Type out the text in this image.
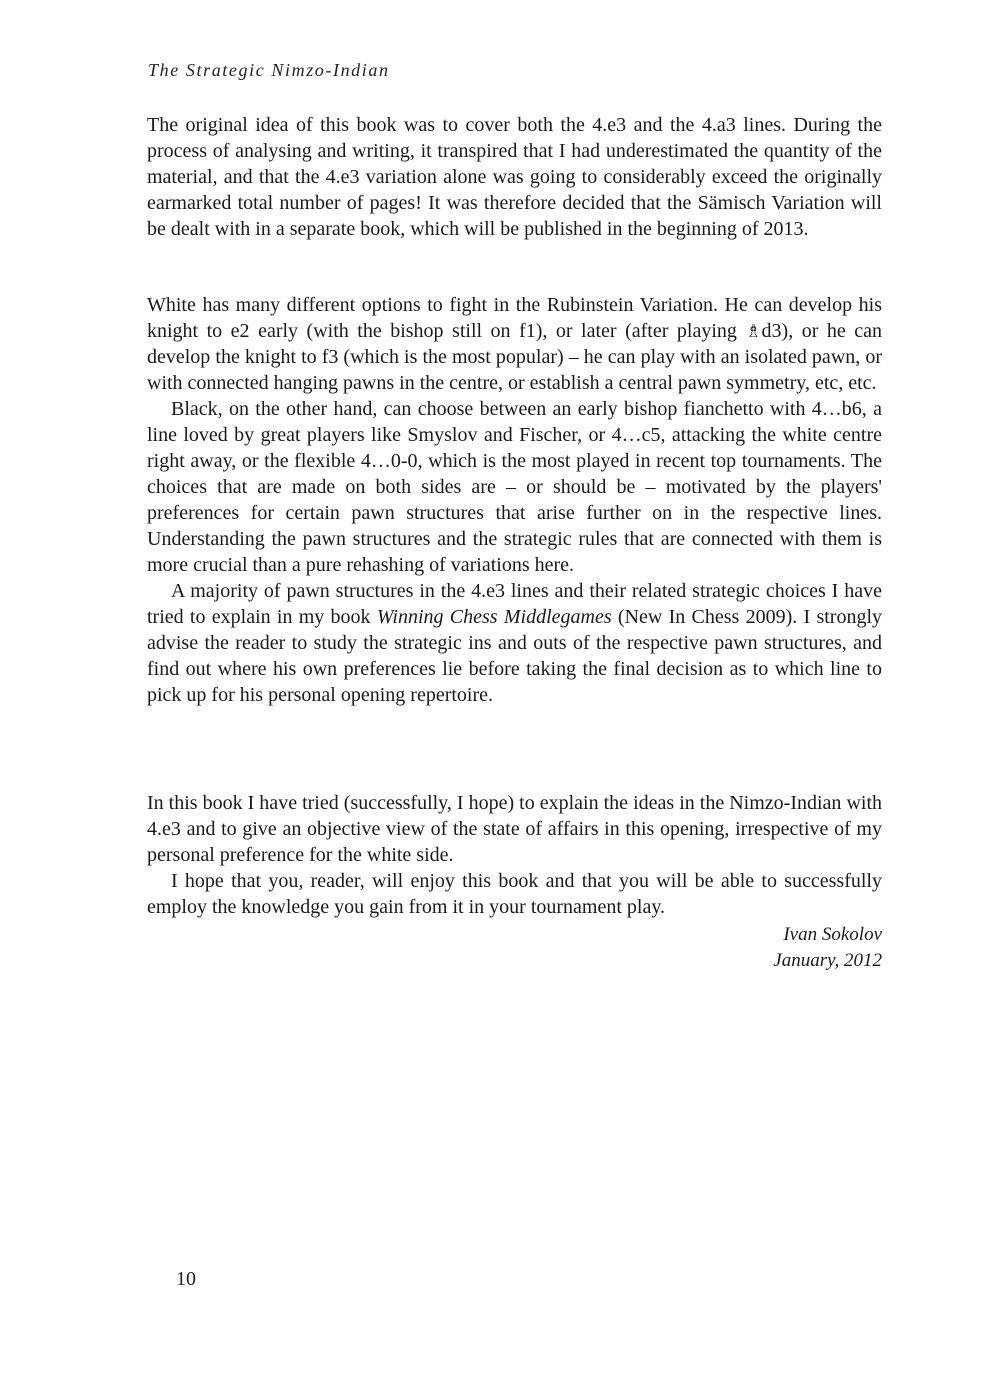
The Strategic Nimzo-Indian

The original idea of this book was to cover both the 4.e3 and the 4.a3 lines. During the process of analysing and writing, it transpired that I had underestimated the quantity of the material, and that the 4.e3 variation alone was going to considerably exceed the originally earmarked total number of pages! It was therefore decided that the Sämisch Variation will be dealt with in a separate book, which will be published in the beginning of 2013.

White has many different options to fight in the Rubinstein Variation. He can develop his knight to e2 early (with the bishop still on f1), or later (after playing ♗d3), or he can develop the knight to f3 (which is the most popular) – he can play with an isolated pawn, or with connected hanging pawns in the centre, or establish a central pawn symmetry, etc, etc.

Black, on the other hand, can choose between an early bishop fianchetto with 4…b6, a line loved by great players like Smyslov and Fischer, or 4…c5, attacking the white centre right away, or the flexible 4…0-0, which is the most played in recent top tournaments. The choices that are made on both sides are – or should be – motivated by the players' preferences for certain pawn structures that arise further on in the respective lines. Understanding the pawn structures and the strategic rules that are connected with them is more crucial than a pure rehashing of variations here.

A majority of pawn structures in the 4.e3 lines and their related strategic choices I have tried to explain in my book Winning Chess Middlegames (New In Chess 2009). I strongly advise the reader to study the strategic ins and outs of the respective pawn structures, and find out where his own preferences lie before taking the final decision as to which line to pick up for his personal opening repertoire.

In this book I have tried (successfully, I hope) to explain the ideas in the Nimzo-Indian with 4.e3 and to give an objective view of the state of affairs in this opening, irrespective of my personal preference for the white side.

I hope that you, reader, will enjoy this book and that you will be able to successfully employ the knowledge you gain from it in your tournament play.

Ivan Sokolov
January, 2012
10
